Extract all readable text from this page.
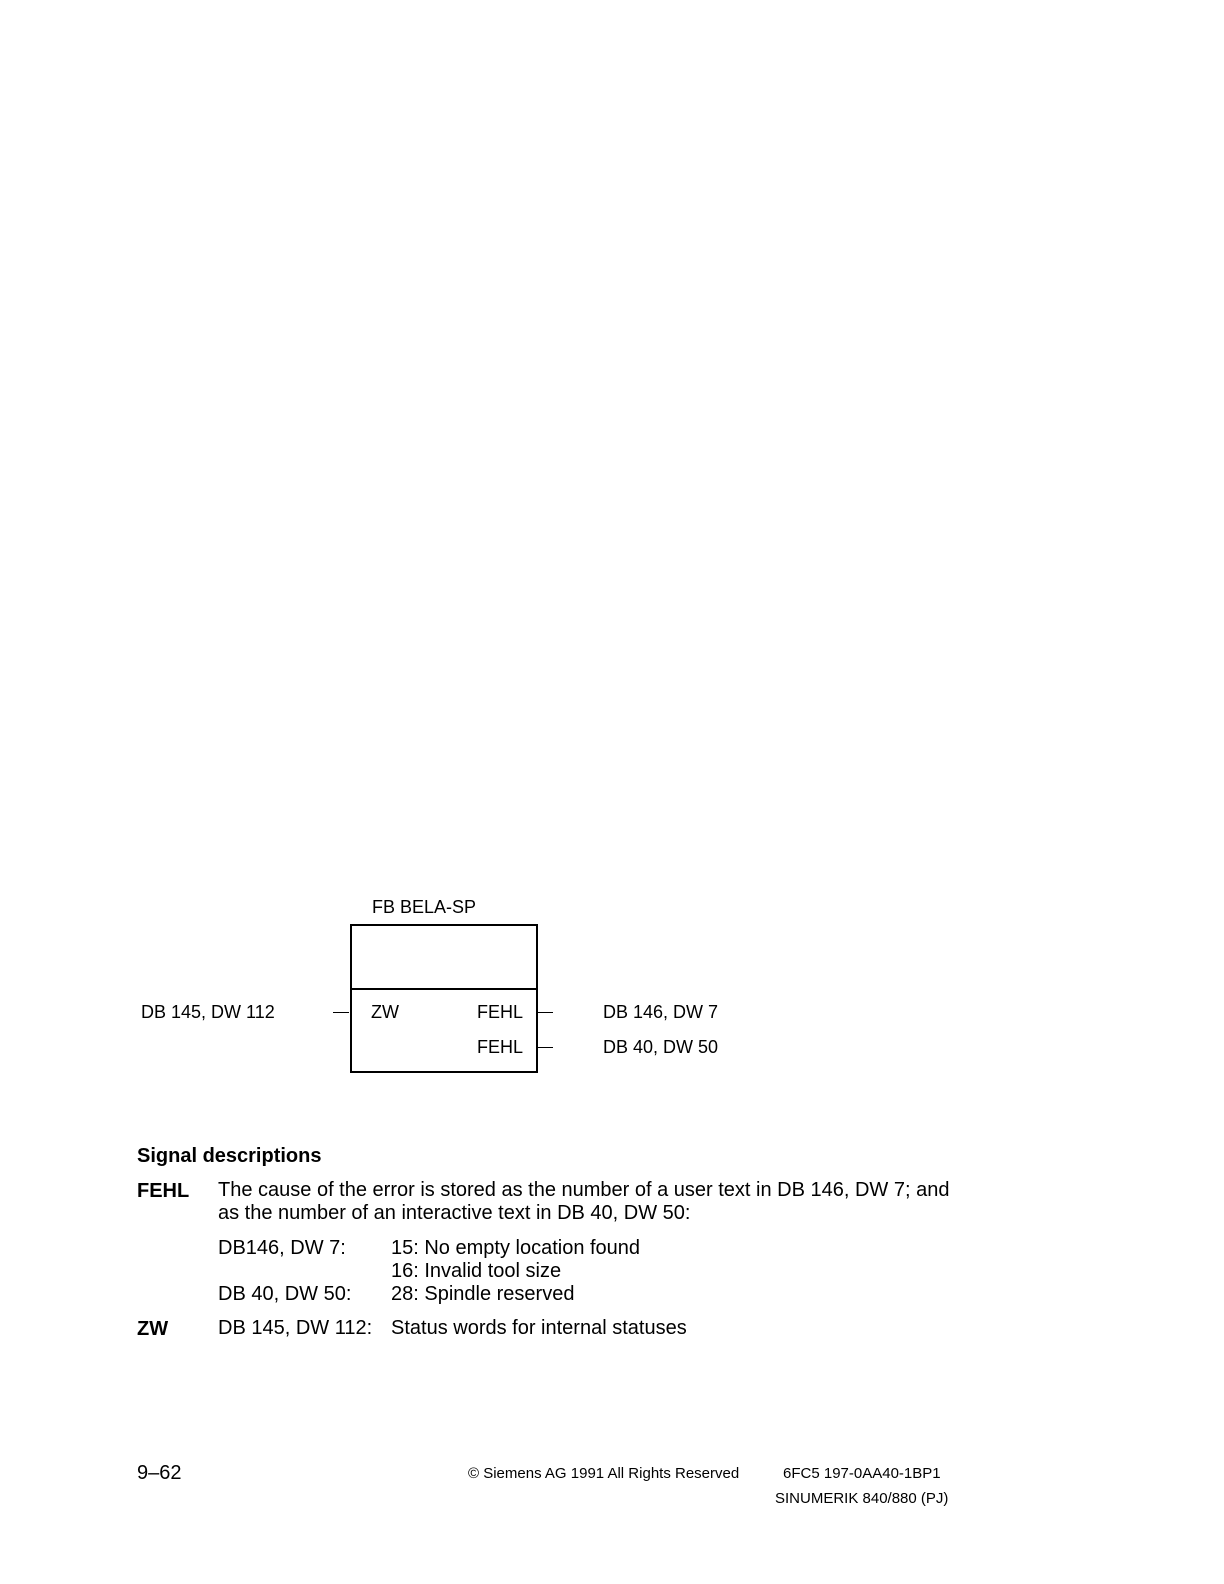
FB BELA-SP
DB 145, DW 112	ZW	FEHL	DB 146, DW 7
FEHL	DB 40, DW 50
Signal descriptions
FEHL The cause of the error is stored as the number of a user text in DB 146, DW 7; and
as the number of an interactive text in DB 40, DW 50:
DB146, DW 7: 15: No empty location found
16: Invalid tool size
DB 40, DW 50: 28: Spindle reserved
ZW DB 145, DW 112: Status words for internal statuses
9–62	© Siemens AG 1991 All Rights Reserved	6FC5 197-0AA40-1BP1
SINUMERIK 840/880 (PJ)
